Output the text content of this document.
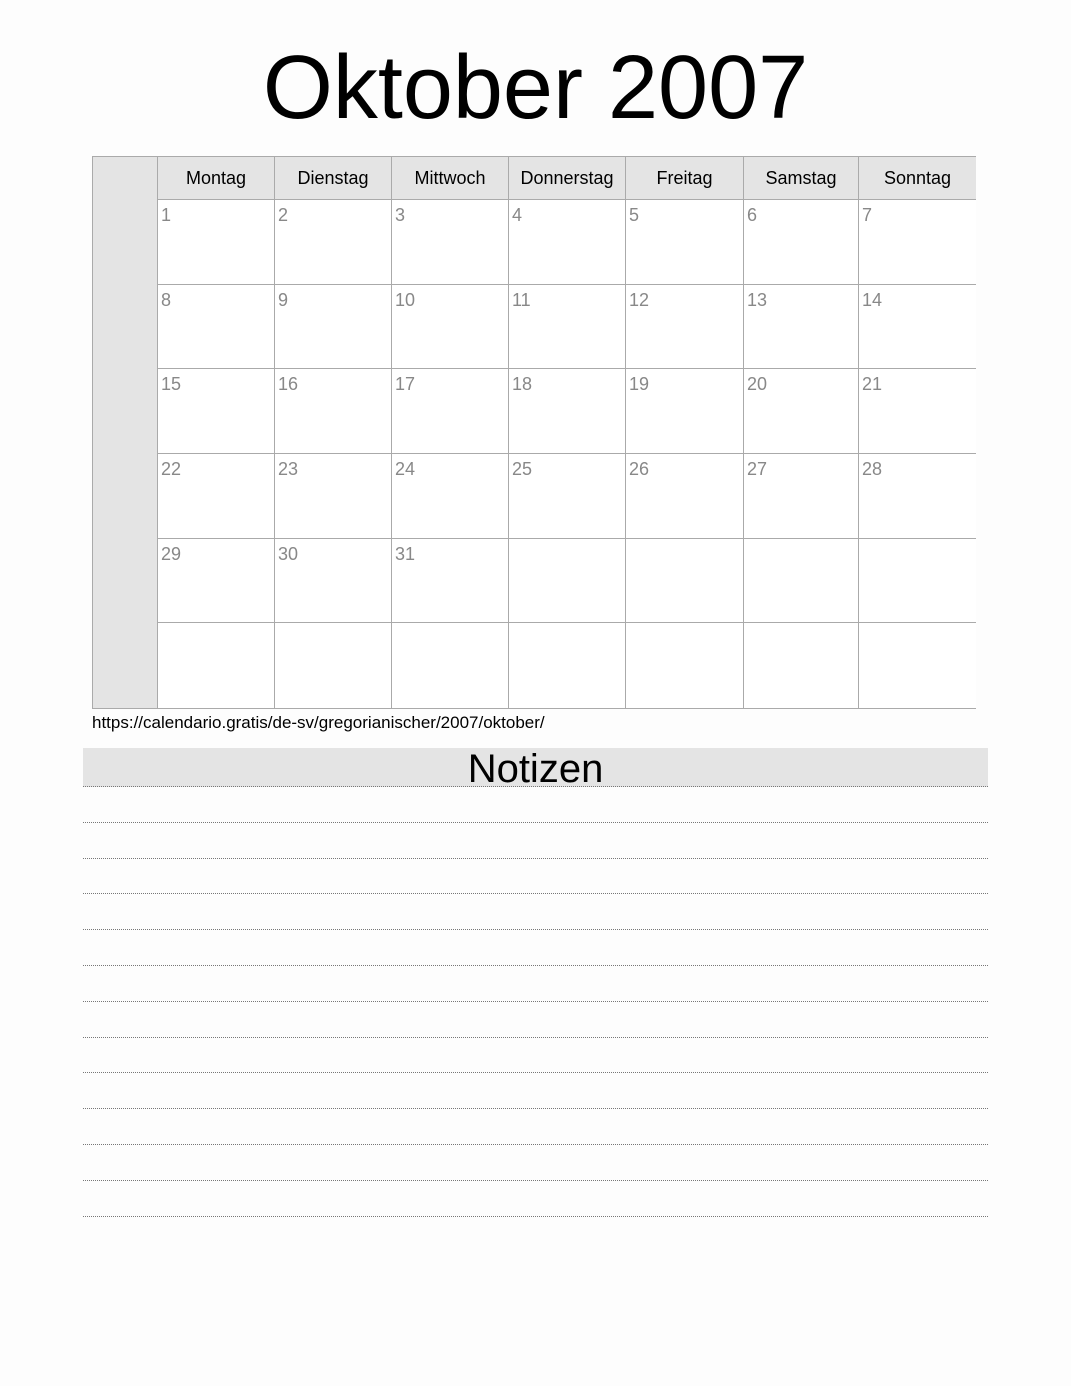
Oktober 2007
Montag	Dienstag	Mittwoch	Donnerstag	Freitag	Samstag	Sonntag
1	2	3	4	5	6	7
8	9	10	11	12	13	14
15	16	17	18	19	20	21
22	23	24	25	26	27	28
29	30	31
https://calendario.gratis/de-sv/gregorianischer/2007/oktober/
Notizen
